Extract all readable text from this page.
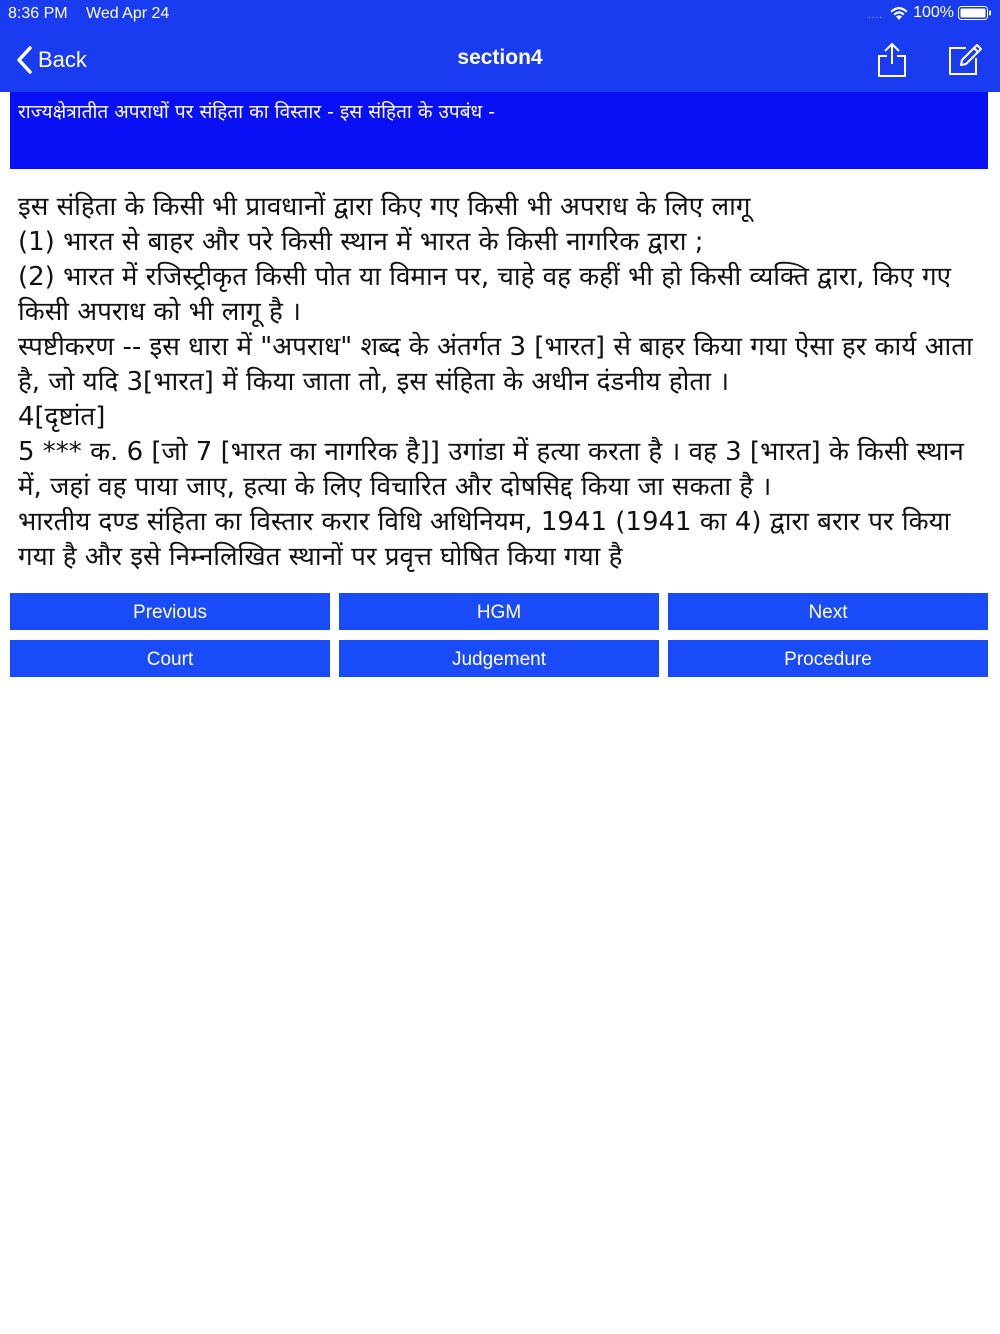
8:36 PM Wed Apr 24	.... 100%
Back	section4
राज्यक्षेत्रातीत अपराधों पर संहिता का विस्तार - इस संहिता के उपबंध -

इस संहिता के किसी भी प्रावधानों द्वारा किए गए किसी भी अपराध के लिए लागू

(1) भारत से बाहर और परे किसी स्थान में भारत के किसी नागरिक द्वारा ;

(2) भारत में रजिस्ट्रीकृत किसी पोत या विमान पर, चाहे वह कहीं भी हो किसी व्यक्ति द्वारा, किए गए किसी अपराध को भी लागू है ।

स्पष्टीकरण -- इस धारा में "अपराध" शब्द के अंतर्गत 3 [भारत] से बाहर किया गया ऐसा हर कार्य आता है, जो यदि 3[भारत] में किया जाता तो, इस संहिता के अधीन दंडनीय होता ।

4[दृष्टांत]

5 *** क. 6 [जो 7 [भारत का नागरिक है]] उगांडा में हत्या करता है । वह 3 [भारत] के किसी स्थान में, जहां वह पाया जाए, हत्या के लिए विचारित और दोषसिद्द किया जा सकता है ।

भारतीय दण्ड संहिता का विस्तार करार विधि अधिनियम, 1941 (1941 का 4) द्वारा बरार पर किया गया है और इसे निम्नलिखित स्थानों पर प्रवृत्त घोषित किया गया है

Previous	HGM	Next
Court	Judgement	Procedure
